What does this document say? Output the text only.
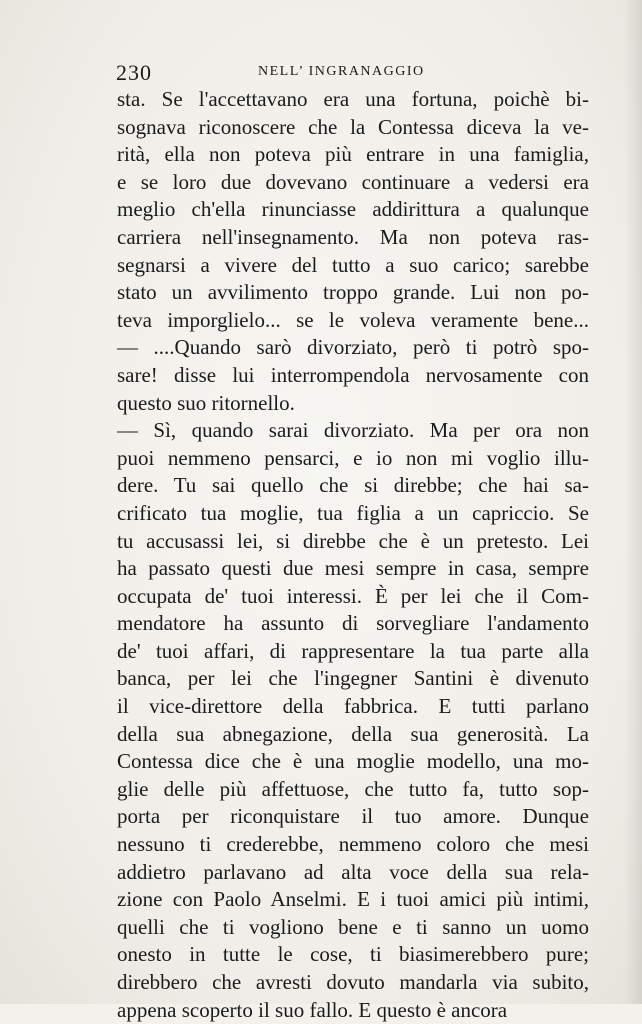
230	NELL’ INGRANAGGIO
sta. Se l'accettavano era una fortuna, poichè bi-
sognava riconoscere che la Contessa diceva la ve-
rità, ella non poteva più entrare in una famiglia,
e se loro due dovevano continuare a vedersi era
meglio ch'ella rinunciasse addirittura a qualunque
carriera nell'insegnamento. Ma non poteva ras-
segnarsi a vivere del tutto a suo carico; sarebbe
stato un avvilimento troppo grande. Lui non po-
teva imporglielo... se le voleva veramente bene...
— ....Quando sarò divorziato, però ti potrò spo-
sare! disse lui interrompendola nervosamente con
questo suo ritornello.
— Sì, quando sarai divorziato. Ma per ora non
puoi nemmeno pensarci, e io non mi voglio illu-
dere. Tu sai quello che si direbbe; che hai sa-
crificato tua moglie, tua figlia a un capriccio. Se
tu accusassi lei, si direbbe che è un pretesto. Lei
ha passato questi due mesi sempre in casa, sempre
occupata de' tuoi interessi. È per lei che il Com-
mendatore ha assunto di sorvegliare l'andamento
de' tuoi affari, di rappresentare la tua parte alla
banca, per lei che l'ingegner Santini è divenuto
il vice-direttore della fabbrica. E tutti parlano
della sua abnegazione, della sua generosità. La
Contessa dice che è una moglie modello, una mo-
glie delle più affettuose, che tutto fa, tutto sop-
porta per riconquistare il tuo amore. Dunque
nessuno ti crederebbe, nemmeno coloro che mesi
addietro parlavano ad alta voce della sua rela-
zione con Paolo Anselmi. E i tuoi amici più intimi,
quelli che ti vogliono bene e ti sanno un uomo
onesto in tutte le cose, ti biasimerebbero pure;
direbbero che avresti dovuto mandarla via subito,
appena scoperto il suo fallo. E questo è ancora
